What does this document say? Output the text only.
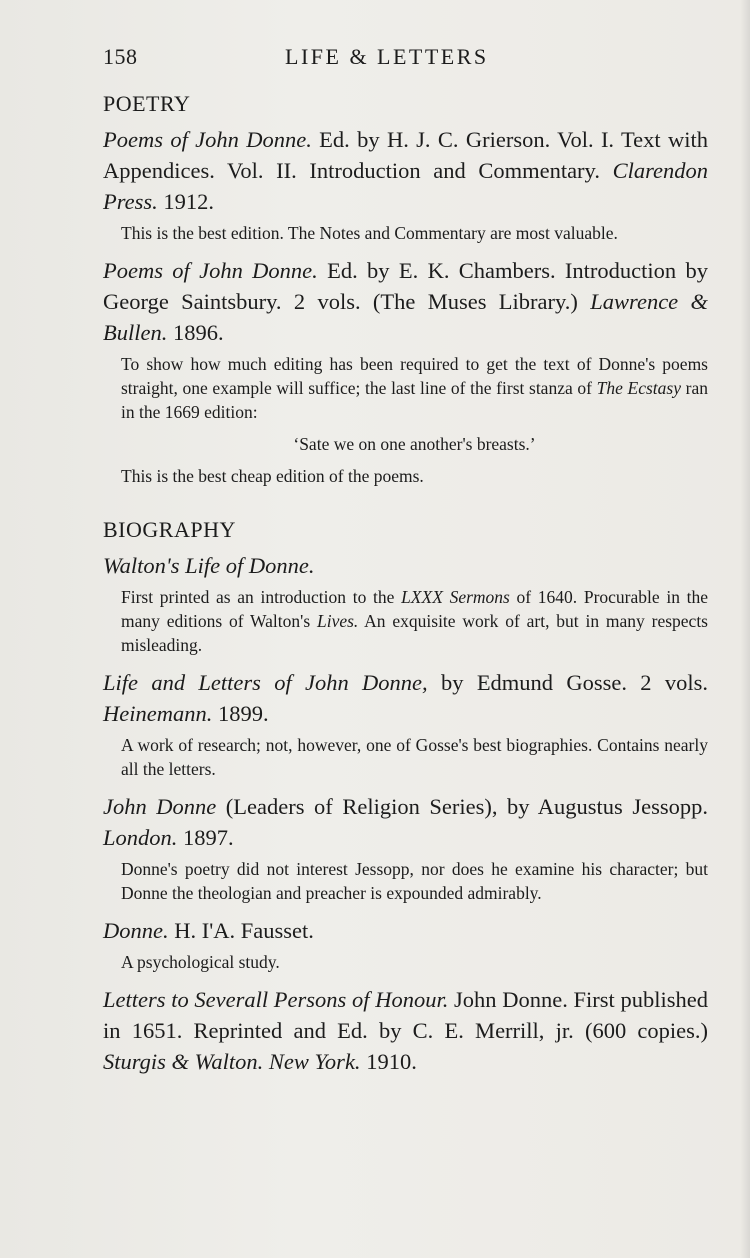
158	LIFE & LETTERS
POETRY
Poems of John Donne. Ed. by H. J. C. Grierson. Vol. I. Text with Appendices. Vol. II. Introduction and Commentary. Clarendon Press. 1912.
This is the best edition. The Notes and Commentary are most valuable.
Poems of John Donne. Ed. by E. K. Chambers. Introduction by George Saintsbury. 2 vols. (The Muses Library.) Lawrence & Bullen. 1896.
To show how much editing has been required to get the text of Donne's poems straight, one example will suffice; the last line of the first stanza of The Ecstasy ran in the 1669 edition:
‘Sate we on one another's breasts.’
This is the best cheap edition of the poems.
BIOGRAPHY
Walton's Life of Donne.
First printed as an introduction to the LXXX Sermons of 1640. Procurable in the many editions of Walton's Lives. An exquisite work of art, but in many respects misleading.
Life and Letters of John Donne, by Edmund Gosse. 2 vols. Heinemann. 1899.
A work of research; not, however, one of Gosse's best biographies. Contains nearly all the letters.
John Donne (Leaders of Religion Series), by Augustus Jessopp. London. 1897.
Donne's poetry did not interest Jessopp, nor does he examine his character; but Donne the theologian and preacher is expounded admirably.
Donne. H. I'A. Fausset.
A psychological study.
Letters to Severall Persons of Honour. John Donne. First published in 1651. Reprinted and Ed. by C. E. Merrill, jr. (600 copies.) Sturgis & Walton. New York. 1910.
